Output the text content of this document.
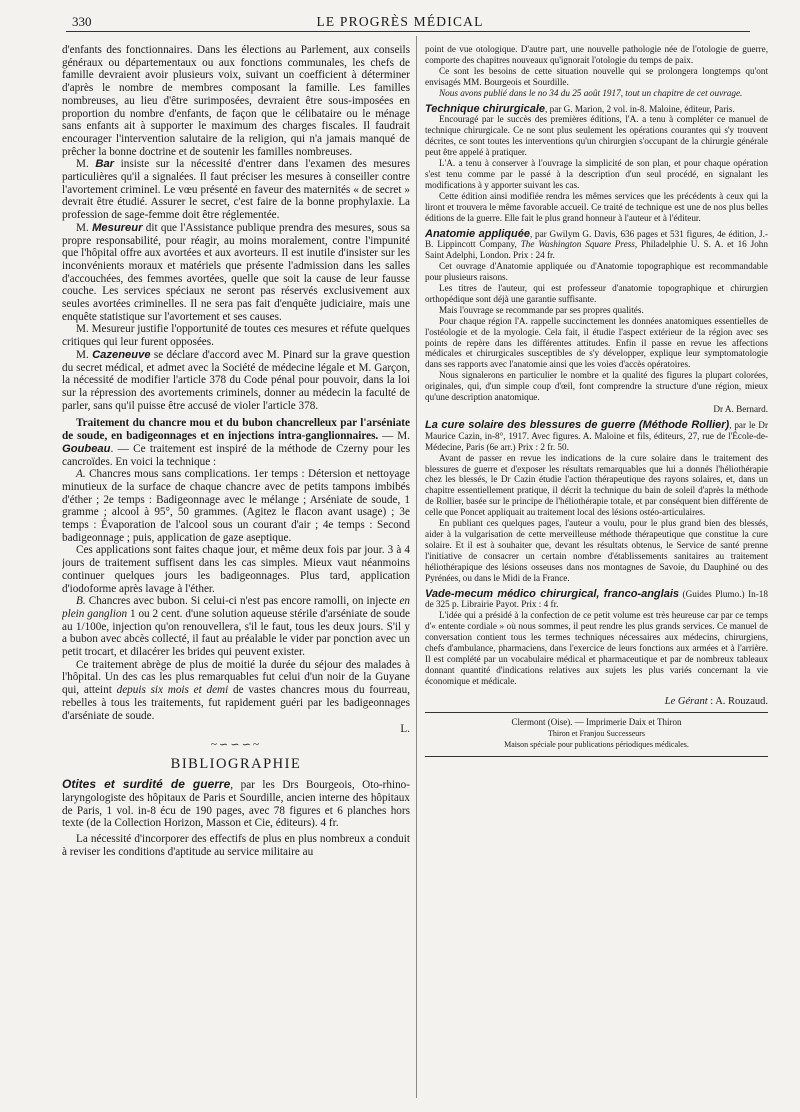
330	LE PROGRÈS MÉDICAL

d'enfants des fonctionnaires. Dans les élections au Parlement, aux conseils généraux ou départementaux ou aux fonctions communales, les chefs de famille devraient avoir plusieurs voix, suivant un coefficient à déterminer d'après le nombre de membres composant la famille. Les familles nombreuses, au lieu d'être surimposées, devraient être sous-imposées en proportion du nombre d'enfants, de façon que le célibataire ou le ménage sans enfants ait à supporter le maximum des charges fiscales. Il faudrait encourager l'intervention salutaire de la religion, qui n'a jamais manqué de prêcher la bonne doctrine et de soutenir les familles nombreuses.

M. Bar insiste sur la nécessité d'entrer dans l'examen des mesures particulières qu'il a signalées. Il faut préciser les mesures à conseiller contre l'avortement criminel. Le vœu présenté en faveur des maternités « de secret » devrait être étudié. Assurer le secret, c'est faire de la bonne prophylaxie. La profession de sage-femme doit être réglementée.

M. Mesureur dit que l'Assistance publique prendra des mesures, sous sa propre responsabilité, pour réagir, au moins moralement, contre l'impunité que l'hôpital offre aux avortées et aux avorteurs. Il est inutile d'insister sur les inconvénients moraux et matériels que présente l'admission dans les salles d'accouchées, des femmes avortées, quelle que soit la cause de leur fausse couche. Les services spéciaux ne seront pas réservés exclusivement aux seules avortées criminelles. Il ne sera pas fait d'enquête judiciaire, mais une enquête statistique sur l'avortement et ses causes.

M. Mesureur justifie l'opportunité de toutes ces mesures et réfute quelques critiques qui leur furent opposées.

M. Cazeneuve se déclare d'accord avec M. Pinard sur la grave question du secret médical, et admet avec la Société de médecine légale et M. Garçon, la nécessité de modifier l'article 378 du Code pénal pour pouvoir, dans la loi sur la répression des avortements criminels, donner au médecin la faculté de parler, sans qu'il puisse être accusé de violer l'article 378.

Traitement du chancre mou et du bubon chancrelleux par l'arséniate de soude, en badigeonnages et en injections intra-ganglionnaires. — M. Goubeau. — Ce traitement est inspiré de la méthode de Czerny pour les cancroïdes. En voici la technique :

A. Chancres mous sans complications. 1er temps : Détersion et nettoyage minutieux de la surface de chaque chancre avec de petits tampons imbibés d'éther ; 2e temps : Badigeonnage avec le mélange ; Arséniate de soude, 1 gramme ; alcool à 95°, 50 grammes. (Agitez le flacon avant usage) ; 3e temps : Évaporation de l'alcool sous un courant d'air ; 4e temps : Second badigeonnage ; puis, application de gaze aseptique.

Ces applications sont faites chaque jour, et même deux fois par jour. 3 à 4 jours de traitement suffisent dans les cas simples. Mieux vaut néanmoins continuer quelques jours les badigeonnages. Plus tard, application d'iodoforme après lavage à l'éther.

B. Chancres avec bubon. Si celui-ci n'est pas encore ramolli, on injecte en plein ganglion 1 ou 2 cent. d'une solution aqueuse stérile d'arséniate de soude au 1/100e, injection qu'on renouvellera, s'il le faut, tous les deux jours. S'il y a bubon avec abcès collecté, il faut au préalable le vider par ponction avec un petit trocart, et dilacérer les brides qui peuvent exister.

Ce traitement abrège de plus de moitié la durée du séjour des malades à l'hôpital. Un des cas les plus remarquables fut celui d'un noir de la Guyane qui, atteint depuis six mois et demi de vastes chancres mous du fourreau, rebelles à tous les traitements, fut rapidement guéri par les badigeonnages d'arséniate de soude.

L.

~∽∽∽~
BIBLIOGRAPHIE

Otites et surdité de guerre, par les Drs Bourgeois, Oto-rhino-laryngologiste des hôpitaux de Paris et Sourdille, ancien interne des hôpitaux de Paris, 1 vol. in-8 écu de 190 pages, avec 78 figures et 6 planches hors texte (de la Collection Horizon, Masson et Cie, éditeurs). 4 fr.

La nécessité d'incorporer des effectifs de plus en plus nombreux a conduit à reviser les conditions d'aptitude au service militaire au

point de vue otologique. D'autre part, une nouvelle pathologie née de l'otologie de guerre, comporte des chapitres nouveaux qu'ignorait l'otologie du temps de paix.

Ce sont les besoins de cette situation nouvelle qui se prolongera longtemps qu'ont envisagés MM. Bourgeois et Sourdille.

Nous avons publié dans le no 34 du 25 août 1917, tout un chapitre de cet ouvrage.

Technique chirurgicale, par G. Marion, 2 vol. in-8. Maloine, éditeur, Paris.

Encouragé par le succès des premières éditions, l'A. a tenu à compléter ce manuel de technique chirurgicale. Ce ne sont plus seulement les opérations courantes qui s'y trouvent décrites, ce sont toutes les interventions qu'un chirurgien s'occupant de la chirurgie générale peut être appelé à pratiquer.

L'A. a tenu à conserver à l'ouvrage la simplicité de son plan, et pour chaque opération s'est tenu comme par le passé à la description d'un seul procédé, en signalant les modifications à y apporter suivant les cas.

Cette édition ainsi modifiée rendra les mêmes services que les précédents à ceux qui la liront et trouvera le même favorable accueil. Ce traité de technique est une de nos plus belles éditions de la guerre. Elle fait le plus grand honneur à l'auteur et à l'éditeur.

Anatomie appliquée, par Gwilym G. Davis, 636 pages et 531 figures, 4e édition, J.-B. Lippincott Company, The Washington Square Press, Philadelphie U. S. A. et 16 John Saint Adelphi, London. Prix : 24 fr.

Cet ouvrage d'Anatomie appliquée ou d'Anatomie topographique est recommandable pour plusieurs raisons.

Les titres de l'auteur, qui est professeur d'anatomie topographique et chirurgien orthopédique sont déjà une garantie suffisante.

Mais l'ouvrage se recommande par ses propres qualités.

Pour chaque région l'A. rappelle succinctement les données anatomiques essentielles de l'ostéologie et de la myologie. Cela fait, il étudie l'aspect extérieur de la région avec ses points de repère dans les différentes attitudes. Enfin il passe en revue les affections médicales et chirurgicales susceptibles de s'y développer, explique leur symptomatologie dans ses rapports avec l'anatomie ainsi que les voies d'accès opératoires.

Nous signalerons en particulier le nombre et la qualité des figures la plupart colorées, originales, qui, d'un simple coup d'œil, font comprendre la structure d'une région, mieux qu'une description anatomique.

Dr A. Bernard.

La cure solaire des blessures de guerre (Méthode Rollier), par le Dr Maurice Cazin, in-8°, 1917. Avec figures. A. Maloine et fils, éditeurs, 27, rue de l'École-de-Médecine, Paris (6e arr.) Prix : 2 fr. 50.

Avant de passer en revue les indications de la cure solaire dans le traitement des blessures de guerre et d'exposer les résultats remarquables que lui a donnés l'héliothérapie chez les blessés, le Dr Cazin étudie l'action thérapeutique des rayons solaires, et, dans un chapitre essentiellement pratique, il décrit la technique du bain de soleil d'après la méthode de Rollier, basée sur le principe de l'héliothérapie totale, et par conséquent bien différente de celle que Poncet appliquait au traitement local des lésions ostéo-articulaires.

En publiant ces quelques pages, l'auteur a voulu, pour le plus grand bien des blessés, aider à la vulgarisation de cette merveilleuse méthode thérapeutique que constitue la cure solaire. Et il est à souhaiter que, devant les résultats obtenus, le Service de santé prenne l'initiative de consacrer un certain nombre d'établissements sanitaires au traitement héliothérapique des lésions osseuses dans nos montagnes de Savoie, du Dauphiné ou des Pyrénées, ou dans le Midi de la France.

Vade-mecum médico chirurgical, franco-anglais (Guides Plumo.) In-18 de 325 p. Librairie Payot. Prix : 4 fr.

L'idée qui a présidé à la confection de ce petit volume est très heureuse car par ce temps d'« entente cordiale » où nous sommes, il peut rendre les plus grands services. Ce manuel de conversation contient tous les termes techniques nécessaires aux médecins, chirurgiens, chefs d'ambulance, pharmaciens, dans l'exercice de leurs fonctions aux armées et à l'arrière. Il est complété par un vocabulaire médical et pharmaceutique et par de nombreux tableaux donnant quantité d'indications relatives aux sujets les plus variés concernant la vie économique et médicale.

Le Gérant : A. Rouzaud.

Clermont (Oise). — Imprimerie Daix et Thiron
Thiron et Franjou Successeurs
Maison spéciale pour publications périodiques médicales.
